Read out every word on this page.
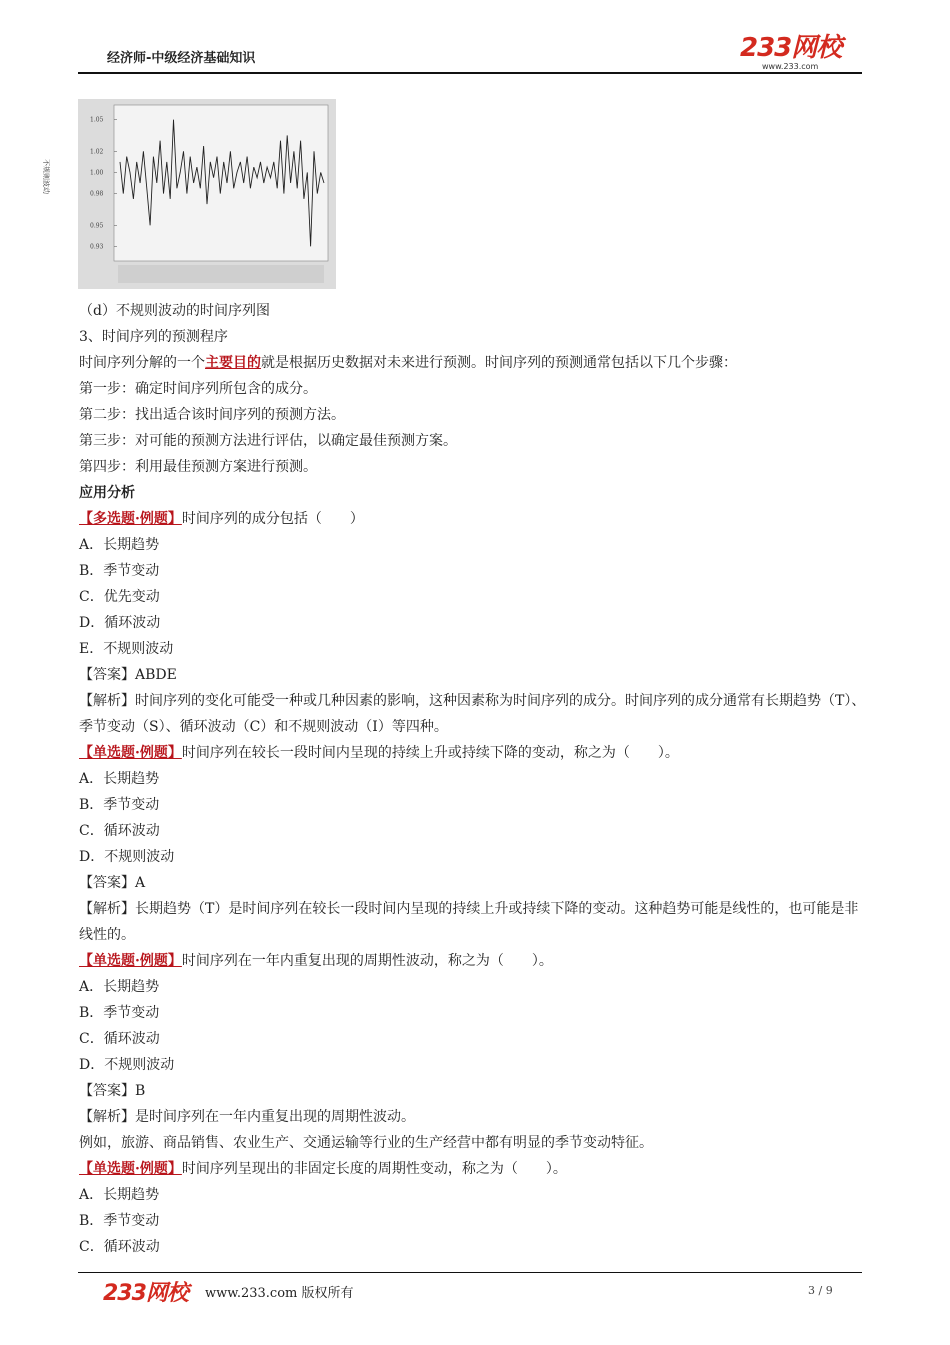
经济师-中级经济基础知识	233网校
www.233.com
不规则波动
1.05
1.02
1.00
0.98
0.95
0.93
（d）不规则波动的时间序列图
3、时间序列的预测程序
时间序列分解的一个主要目的就是根据历史数据对未来进行预测。时间序列的预测通常包括以下几个步骤：
第一步：确定时间序列所包含的成分。
第二步：找出适合该时间序列的预测方法。
第三步：对可能的预测方法进行评估，以确定最佳预测方案。
第四步：利用最佳预测方案进行预测。
应用分析
【多选题·例题】时间序列的成分包括（　　）
A．长期趋势
B．季节变动
C．优先变动
D．循环波动
E．不规则波动
【答案】ABDE
【解析】时间序列的变化可能受一种或几种因素的影响，这种因素称为时间序列的成分。时间序列的成分通常有长期趋势（T）、季节变动（S）、循环波动（C）和不规则波动（I）等四种。
【单选题·例题】时间序列在较长一段时间内呈现的持续上升或持续下降的变动，称之为（　　）。
A．长期趋势
B．季节变动
C．循环波动
D．不规则波动
【答案】A
【解析】长期趋势（T）是时间序列在较长一段时间内呈现的持续上升或持续下降的变动。这种趋势可能是线性的，也可能是非线性的。
【单选题·例题】时间序列在一年内重复出现的周期性波动，称之为（　　）。
A．长期趋势
B．季节变动
C．循环波动
D．不规则波动
【答案】B
【解析】是时间序列在一年内重复出现的周期性波动。
例如，旅游、商品销售、农业生产、交通运输等行业的生产经营中都有明显的季节变动特征。
【单选题·例题】时间序列呈现出的非固定长度的周期性变动，称之为（　　）。
A．长期趋势
B．季节变动
C．循环波动
233网校 www.233.com 版权所有	3 / 9
